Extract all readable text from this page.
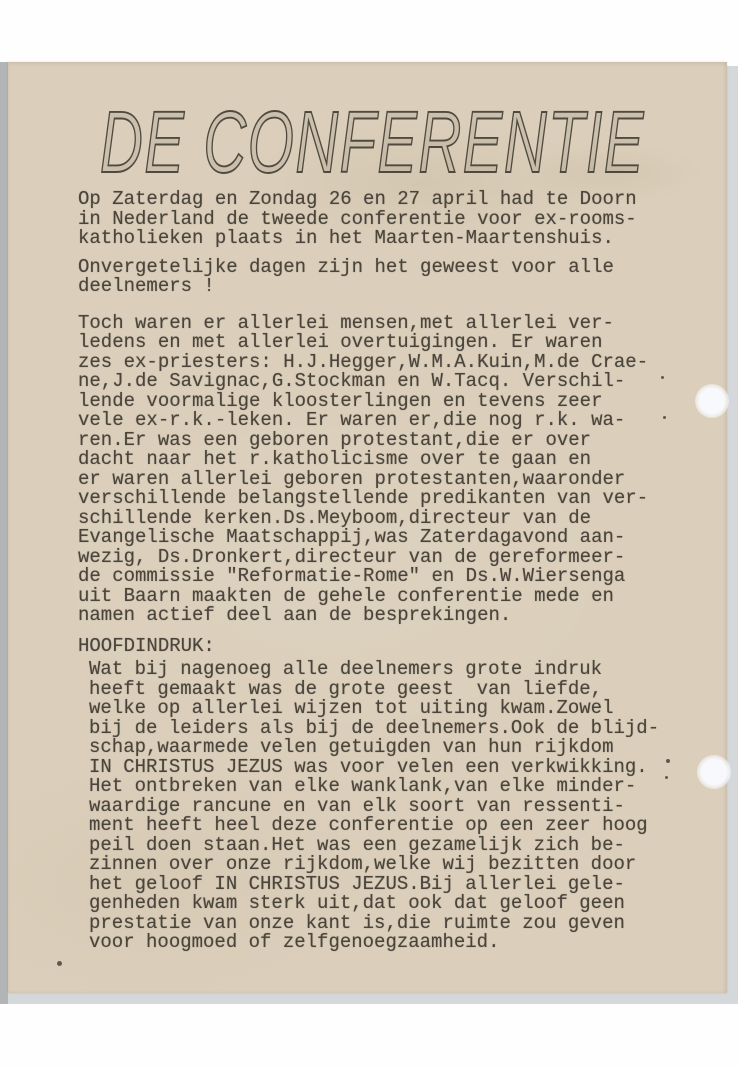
DE CONFERENTIE
Op Zaterdag en Zondag 26 en 27 april had te Doorn
in Nederland de tweede conferentie voor ex-rooms-
katholieken plaats in het Maarten-Maartenshuis.
Onvergetelijke dagen zijn het geweest voor alle
deelnemers !
Toch waren er allerlei mensen,met allerlei ver-
ledens en met allerlei overtuigingen. Er waren
zes ex-priesters: H.J.Hegger,W.M.A.Kuin,M.de Crae-
ne,J.de Savignac,G.Stockman en W.Tacq. Verschil-
lende voormalige kloosterlingen en tevens zeer
vele ex-r.k.-leken. Er waren er,die nog r.k. wa-
ren.Er was een geboren protestant,die er over
dacht naar het r.katholicisme over te gaan en
er waren allerlei geboren protestanten,waaronder
verschillende belangstellende predikanten van ver-
schillende kerken.Ds.Meyboom,directeur van de
Evangelische Maatschappij,was Zaterdagavond aan-
wezig, Ds.Dronkert,directeur van de gereformeer-
de commissie "Reformatie-Rome" en Ds.W.Wiersenga
uit Baarn maakten de gehele conferentie mede en
namen actief deel aan de besprekingen.
HOOFDINDRUK:
Wat bij nagenoeg alle deelnemers grote indruk
heeft gemaakt was de grote geest  van liefde,
welke op allerlei wijzen tot uiting kwam.Zowel
bij de leiders als bij de deelnemers.Ook de blijd-
schap,waarmede velen getuigden van hun rijkdom
IN CHRISTUS JEZUS was voor velen een verkwikking.
Het ontbreken van elke wanklank,van elke minder-
waardige rancune en van elk soort van ressenti-
ment heeft heel deze conferentie op een zeer hoog
peil doen staan.Het was een gezamelijk zich be-
zinnen over onze rijkdom,welke wij bezitten door
het geloof IN CHRISTUS JEZUS.Bij allerlei gele-
genheden kwam sterk uit,dat ook dat geloof geen
prestatie van onze kant is,die ruimte zou geven
voor hoogmoed of zelfgenoegzaamheid.
